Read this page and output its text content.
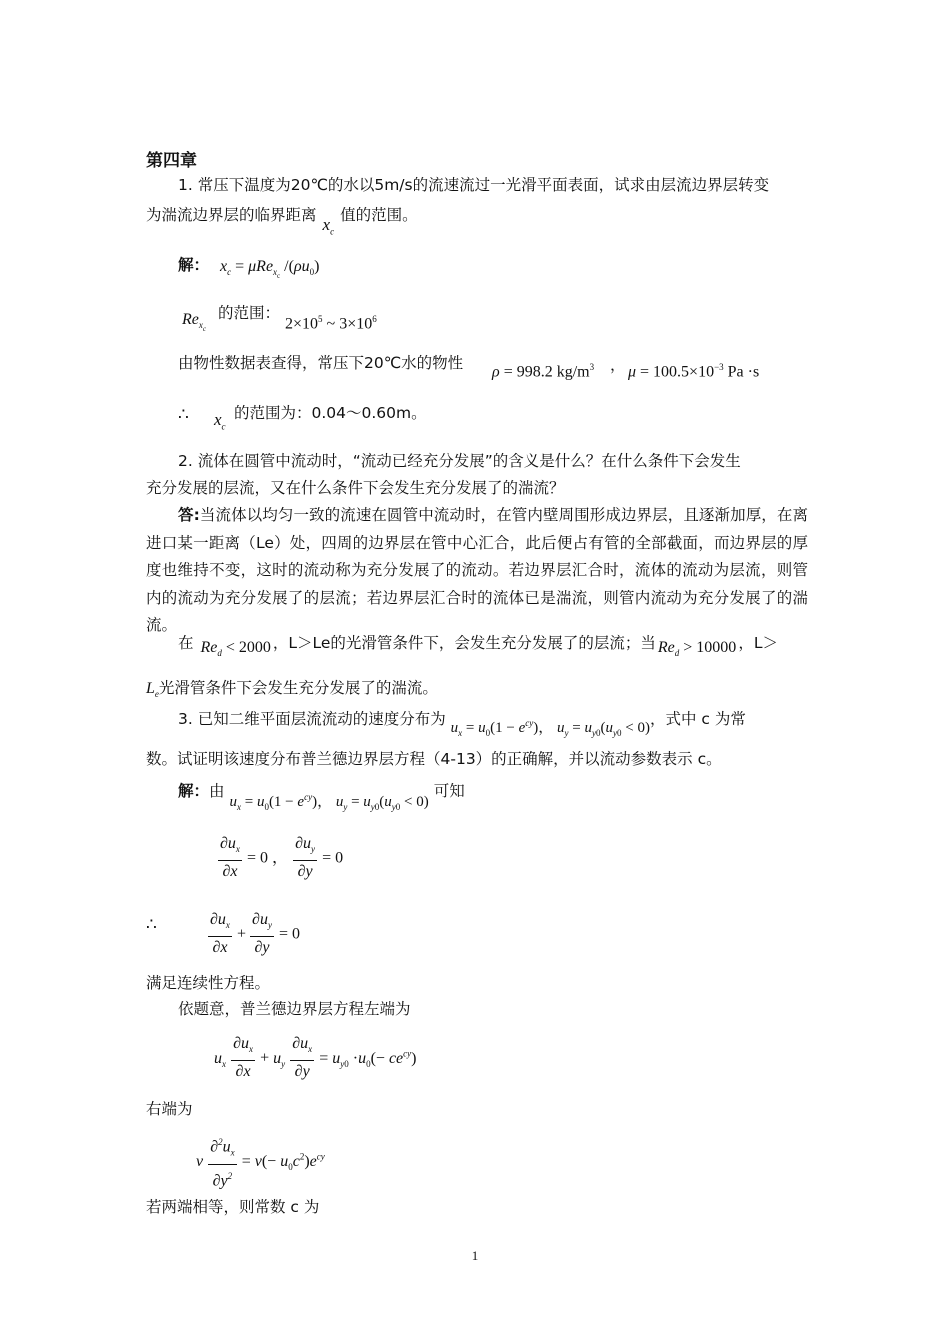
第四章
1. 常压下温度为20℃的水以5m/s的流速流过一光滑平面表面，试求由层流边界层转变
为湍流边界层的临界距离 $x_c$值的范围。
解： $x_c = \mu Re_{x_c}$ $/(\rho u_0)$
$Re_{x_c}$
的范围：
$2\times 10^5$ ~ $3\times 10^6$
由物性数据表查得，常压下20℃水的物性 ρ = 998.2 $kg/m^3$ ， $\mu = 100.5\times 10^{-3}$ Pa ·s
∴ $x_c$
的范围为：0.04～0.60m。
2. 流体在圆管中流动时，“流动已经充分发展”的含义是什么？在什么条件下会发生
充分发展的层流，又在什么条件下会发生充分发展了的湍流？
答:当流体以均匀一致的流速在圆管中流动时，在管内壁周围形成边界层，且逐渐加厚，在离进口某一距离（Le）处，四周的边界层在管中心汇合，此后便占有管的全部截面，而边界层的厚度也维持不变，这时的流动称为充分发展了的流动。若边界层汇合时，流体的流动为层流，则管内的流动为充分发展了的层流；若边界层汇合时的流体已是湍流，则管内流动为充分发展了的湍流。
在 $Re_d < 2000$ ，L＞Le的光滑管条件下，会发生充分发展了的层流；当 $Re_d > 10000$ ，L＞
$L_e$光滑管条件下会发生充分发展了的湍流。
3. 已知二维平面层流流动的速度分布为 $u_x = u_0(1 - e^{cy})$， $u_y = u_{y0}(u_{y0} < 0)$，式中 c 为常
数。试证明该速度分布普兰德边界层方程（4-13）的正确解，并以流动参数表示 c。
解：由 $u_x = u_0(1 - e^{cy})$， $u_y = u_{y0}(u_{y0} < 0)$ 可知
$\frac{\partial u_x}{\partial x} = 0$ ， $\frac{\partial u_y}{\partial y} = 0$
∴	$\frac{\partial u_x}{\partial x} + \frac{\partial u_y}{\partial y} = 0$
满足连续性方程。
依题意，普兰德边界层方程左端为
$u_x \frac{\partial u_x}{\partial x} + u_y \frac{\partial u_x}{\partial y} = u_{y0} \cdot u_0(- ce^{cy})$
右端为
ν $\frac{\partial^2u_x}{\partial y^2} = \nu(- u_0c^2)e^{cy}$
若两端相等，则常数 c 为
1
